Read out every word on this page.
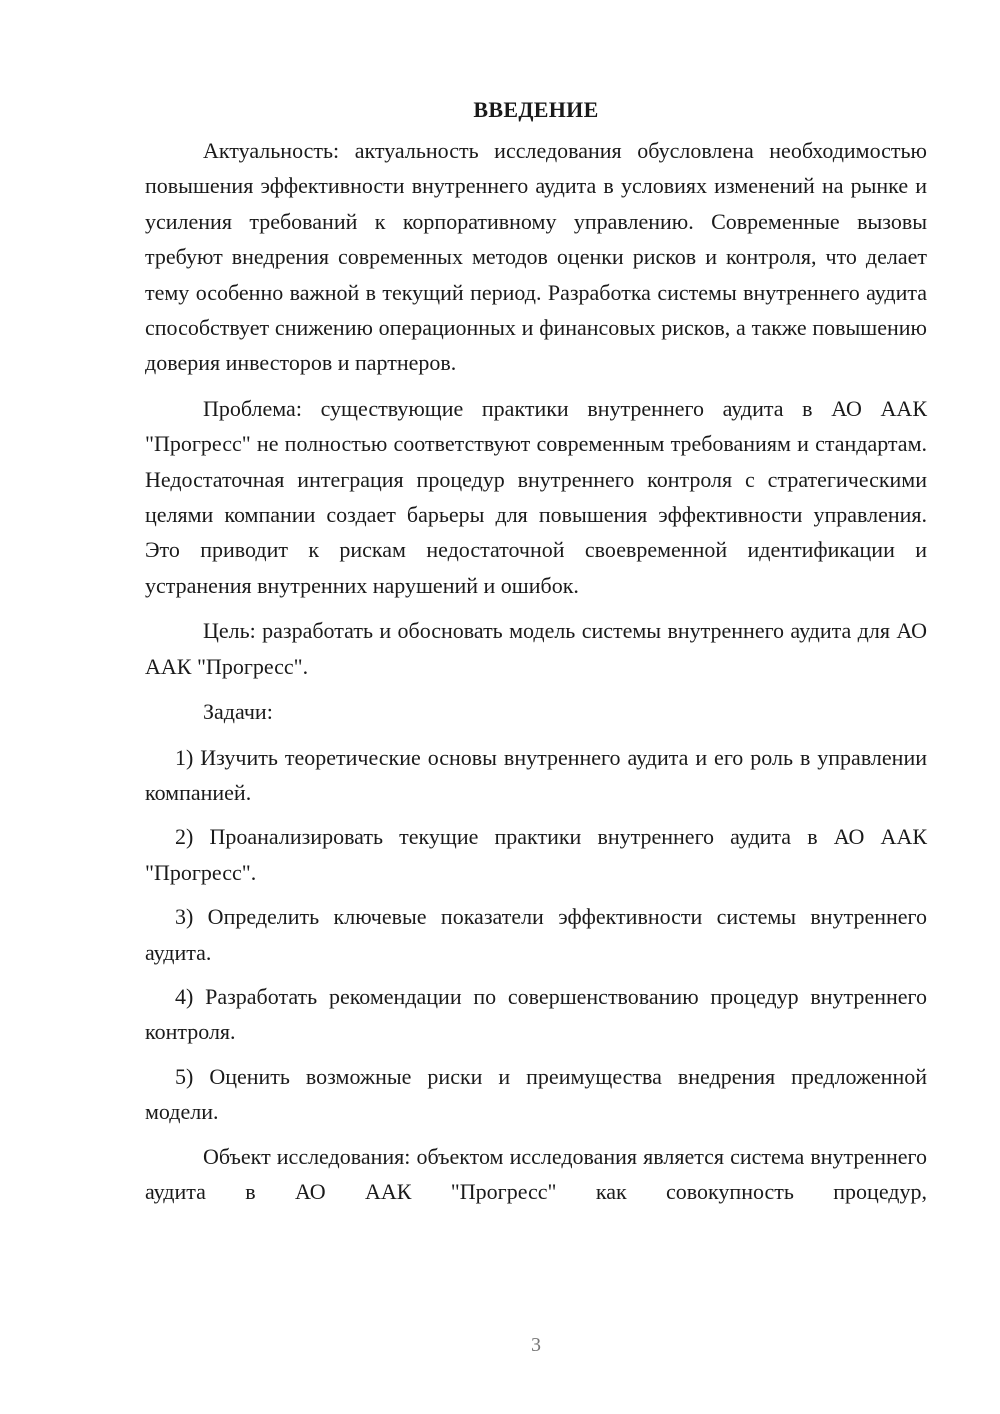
ВВЕДЕНИЕ

Актуальность: актуальность исследования обусловлена необходимостью повышения эффективности внутреннего аудита в условиях изменений на рынке и усиления требований к корпоративному управлению. Современные вызовы требуют внедрения современных методов оценки рисков и контроля, что делает тему особенно важной в текущий период. Разработка системы внутреннего аудита способствует снижению операционных и финансовых рисков, а также повышению доверия инвесторов и партнеров.

Проблема: существующие практики внутреннего аудита в АО ААК "Прогресс" не полностью соответствуют современным требованиям и стандартам. Недостаточная интеграция процедур внутреннего контроля с стратегическими целями компании создает барьеры для повышения эффективности управления. Это приводит к рискам недостаточной своевременной идентификации и устранения внутренних нарушений и ошибок.

Цель: разработать и обосновать модель системы внутреннего аудита для АО ААК "Прогресс".

Задачи:

1) Изучить теоретические основы внутреннего аудита и его роль в управлении компанией.

2) Проанализировать текущие практики внутреннего аудита в АО ААК "Прогресс".

3) Определить ключевые показатели эффективности системы внутреннего аудита.

4) Разработать рекомендации по совершенствованию процедур внутреннего контроля.

5) Оценить возможные риски и преимущества внедрения предложенной модели.

Объект исследования: объектом исследования является система внутреннего аудита в АО ААК "Прогресс" как совокупность процедур,

3
